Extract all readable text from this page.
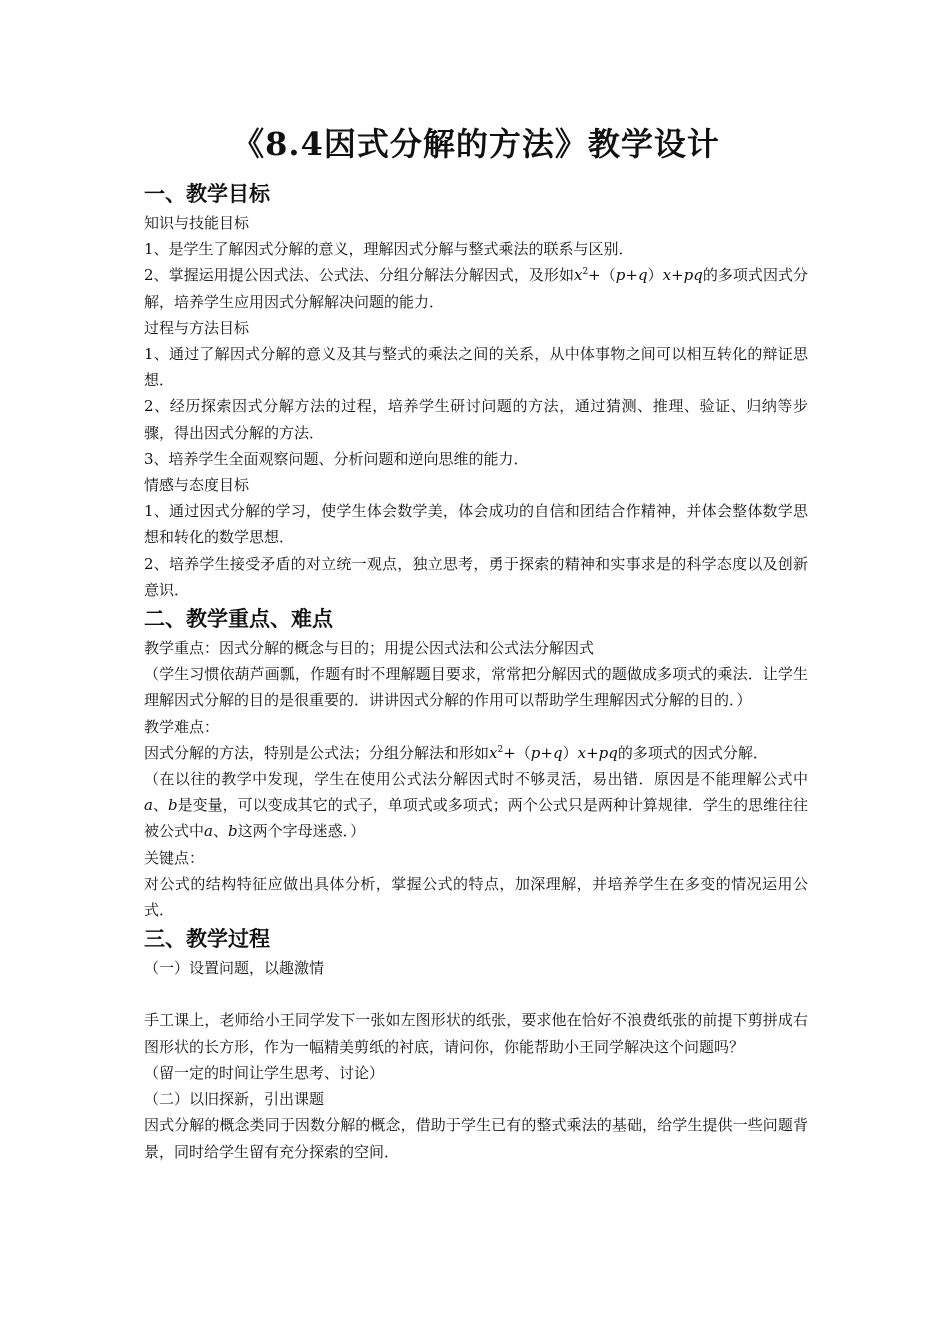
《8.4因式分解的方法》教学设计
一、教学目标

知识与技能目标

1、是学生了解因式分解的意义，理解因式分解与整式乘法的联系与区别．

2、掌握运用提公因式法、公式法、分组分解法分解因式，及形如$x^2+(p+q)x+pq$的多项式因式分解，培养学生应用因式分解解决问题的能力．

过程与方法目标

1、通过了解因式分解的意义及其与整式的乘法之间的关系，从中体事物之间可以相互转化的辩证思想．

2、经历探索因式分解方法的过程，培养学生研讨问题的方法，通过猜测、推理、验证、归纳等步骤，得出因式分解的方法．

3、培养学生全面观察问题、分析问题和逆向思维的能力．

情感与态度目标

1、通过因式分解的学习，使学生体会数学美，体会成功的自信和团结合作精神，并体会整体数学思想和转化的数学思想．

2、培养学生接受矛盾的对立统一观点，独立思考，勇于探索的精神和实事求是的科学态度以及创新意识．

二、教学重点、难点

教学重点：因式分解的概念与目的；用提公因式法和公式法分解因式

（学生习惯依葫芦画瓢，作题有时不理解题目要求，常常把分解因式的题做成多项式的乘法．让学生理解因式分解的目的是很重要的．讲讲因式分解的作用可以帮助学生理解因式分解的目的．）

教学难点：

因式分解的方法，特别是公式法；分组分解法和形如$x^2+(p+q)x+pq$的多项式的因式分解．

（在以往的教学中发现，学生在使用公式法分解因式时不够灵活，易出错．原因是不能理解公式中a、b是变量，可以变成其它的式子，单项式或多项式；两个公式只是两种计算规律．学生的思维往往被公式中a、b这两个字母迷惑．）

关键点：

对公式的结构特征应做出具体分析，掌握公式的特点，加深理解，并培养学生在多变的情况运用公式．

三、教学过程

（一）设置问题，以趣激情

手工课上，老师给小王同学发下一张如左图形状的纸张，要求他在恰好不浪费纸张的前提下剪拼成右图形状的长方形，作为一幅精美剪纸的衬底，请问你，你能帮助小王同学解决这个问题吗？

（留一定的时间让学生思考、讨论）

（二）以旧探新，引出课题

因式分解的概念类同于因数分解的概念，借助于学生已有的整式乘法的基础，给学生提供一些问题背景，同时给学生留有充分探索的空间．
